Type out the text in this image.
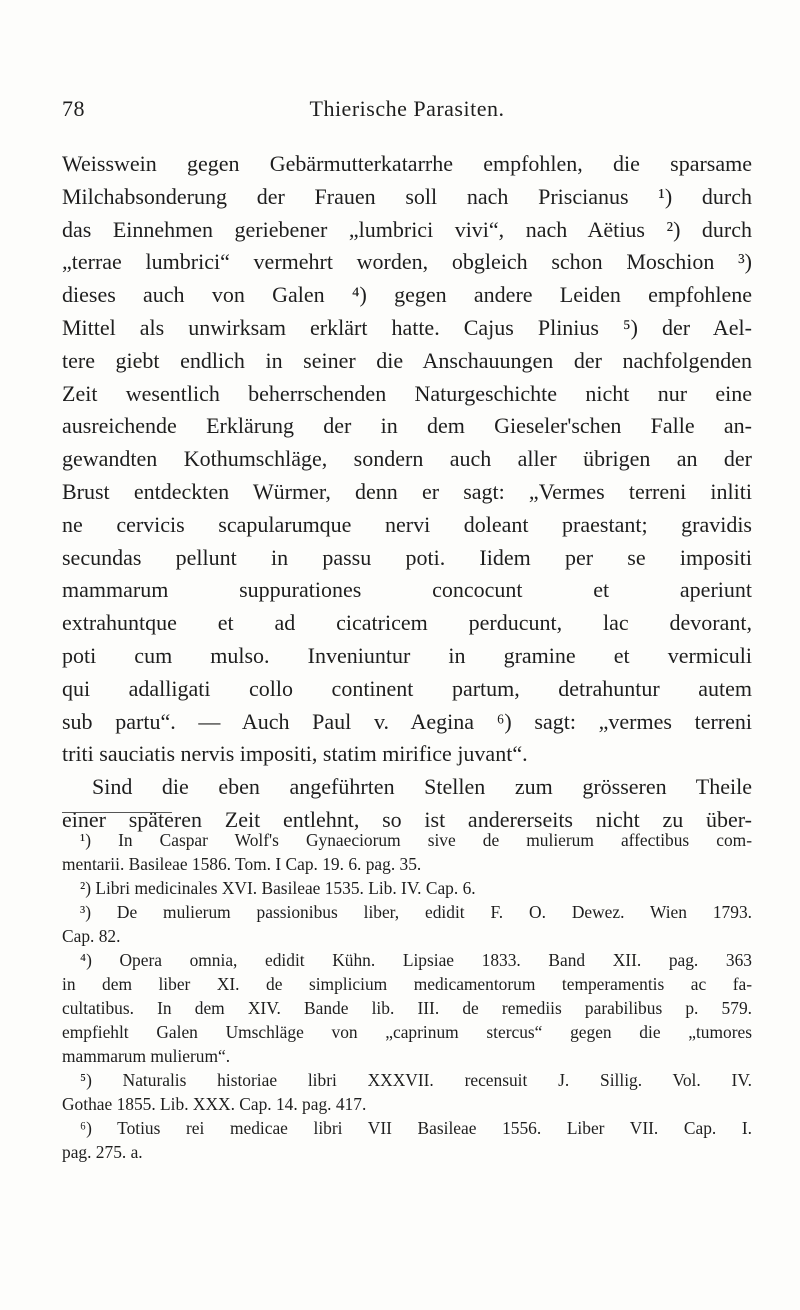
78	Thierische Parasiten.
Weisswein gegen Gebärmutterkatarrhe empfohlen, die sparsame
Milchabsonderung der Frauen soll nach Priscianus ¹) durch
das Einnehmen geriebener „lumbrici vivi“, nach Aëtius ²) durch
„terrae lumbrici“ vermehrt worden, obgleich schon Moschion ³)
dieses auch von Galen ⁴) gegen andere Leiden empfohlene
Mittel als unwirksam erklärt hatte. Cajus Plinius ⁵) der Ael-
tere giebt endlich in seiner die Anschauungen der nachfolgenden
Zeit wesentlich beherrschenden Naturgeschichte nicht nur eine
ausreichende Erklärung der in dem Gieseler'schen Falle an-
gewandten Kothumschläge, sondern auch aller übrigen an der
Brust entdeckten Würmer, denn er sagt: „Vermes terreni inliti
ne cervicis scapularumque nervi doleant praestant; gravidis
secundas pellunt in passu poti. Iidem per se impositi
mammarum suppurationes concocunt et aperiunt
extrahuntque et ad cicatricem perducunt, lac devorant,
poti cum mulso. Inveniuntur in gramine et vermiculi
qui adalligati collo continent partum, detrahuntur autem
sub partu“. — Auch Paul v. Aegina ⁶) sagt: „vermes terreni
triti sauciatis nervis impositi, statim mirifice juvant“.
Sind die eben angeführten Stellen zum grösseren Theile
einer späteren Zeit entlehnt, so ist andererseits nicht zu über-
¹) In Caspar Wolf's Gynaeciorum sive de mulierum affectibus com-
mentarii. Basileae 1586. Tom. I Cap. 19. 6. pag. 35.
²) Libri medicinales XVI. Basileae 1535. Lib. IV. Cap. 6.
³) De mulierum passionibus liber, edidit F. O. Dewez. Wien 1793.
Cap. 82.
⁴) Opera omnia, edidit Kühn. Lipsiae 1833. Band XII. pag. 363
in dem liber XI. de simplicium medicamentorum temperamentis ac fa-
cultatibus. In dem XIV. Bande lib. III. de remediis parabilibus p. 579.
empfiehlt Galen Umschläge von „caprinum stercus“ gegen die „tumores
mammarum mulierum“.
⁵) Naturalis historiae libri XXXVII. recensuit J. Sillig. Vol. IV.
Gothae 1855. Lib. XXX. Cap. 14. pag. 417.
⁶) Totius rei medicae libri VII Basileae 1556. Liber VII. Cap. I.
pag. 275. a.
